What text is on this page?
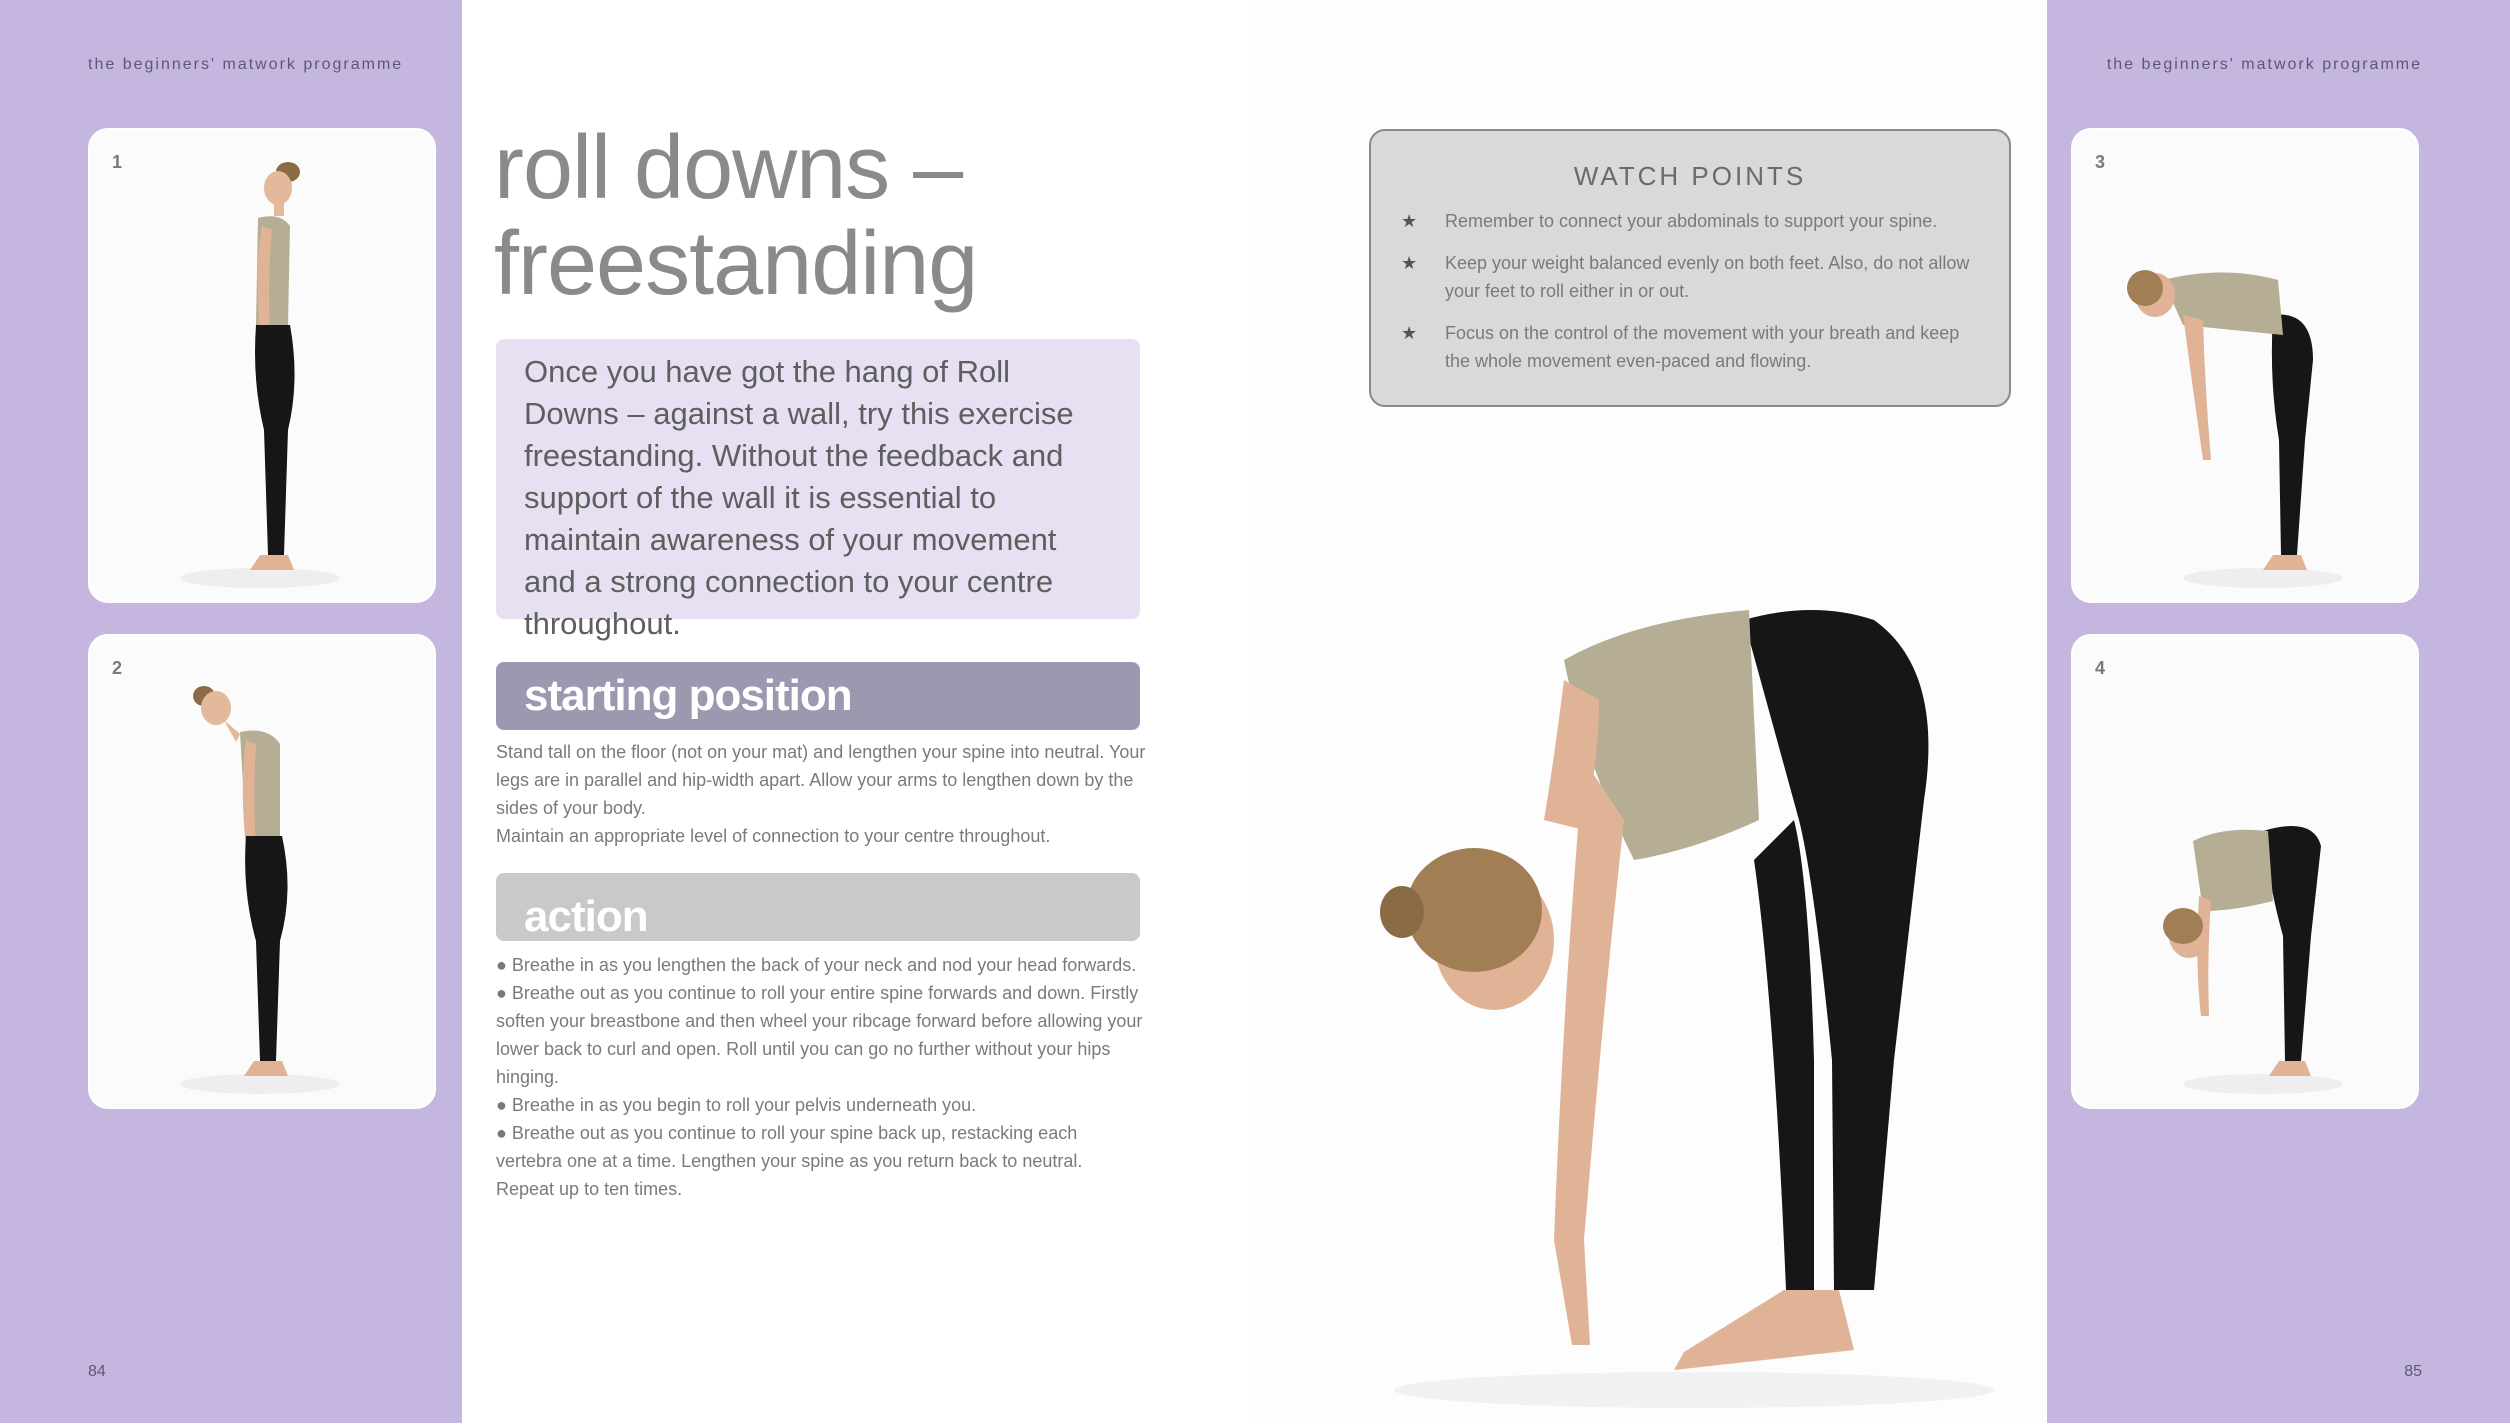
the beginners' matwork programme
1
2
84
roll downs –
freestanding
Once you have got the hang of Roll Downs – against a wall, try this exercise freestanding. Without the feedback and support of the wall it is essential to maintain awareness of your movement and a strong connection to your centre throughout.
starting position

Stand tall on the floor (not on your mat) and lengthen your spine into neutral. Your legs are in parallel and hip-width apart. Allow your arms to lengthen down by the sides of your body.

Maintain an appropriate level of connection to your centre throughout.

action

● Breathe in as you lengthen the back of your neck and nod your head forwards.

● Breathe out as you continue to roll your entire spine forwards and down. Firstly soften your breastbone and then wheel your ribcage forward before allowing your lower back to curl and open. Roll until you can go no further without your hips hinging.

● Breathe in as you begin to roll your pelvis underneath you.

● Breathe out as you continue to roll your spine back up, restacking each vertebra one at a time. Lengthen your spine as you return back to neutral.

Repeat up to ten times.

WATCH POINTS
★ Remember to connect your abdominals to support your spine.
★ Keep your weight balanced evenly on both feet. Also, do not allow your feet to roll either in or out.
★ Focus on the control of the movement with your breath and keep the whole movement even-paced and flowing.
the beginners' matwork programme
3
4
85
